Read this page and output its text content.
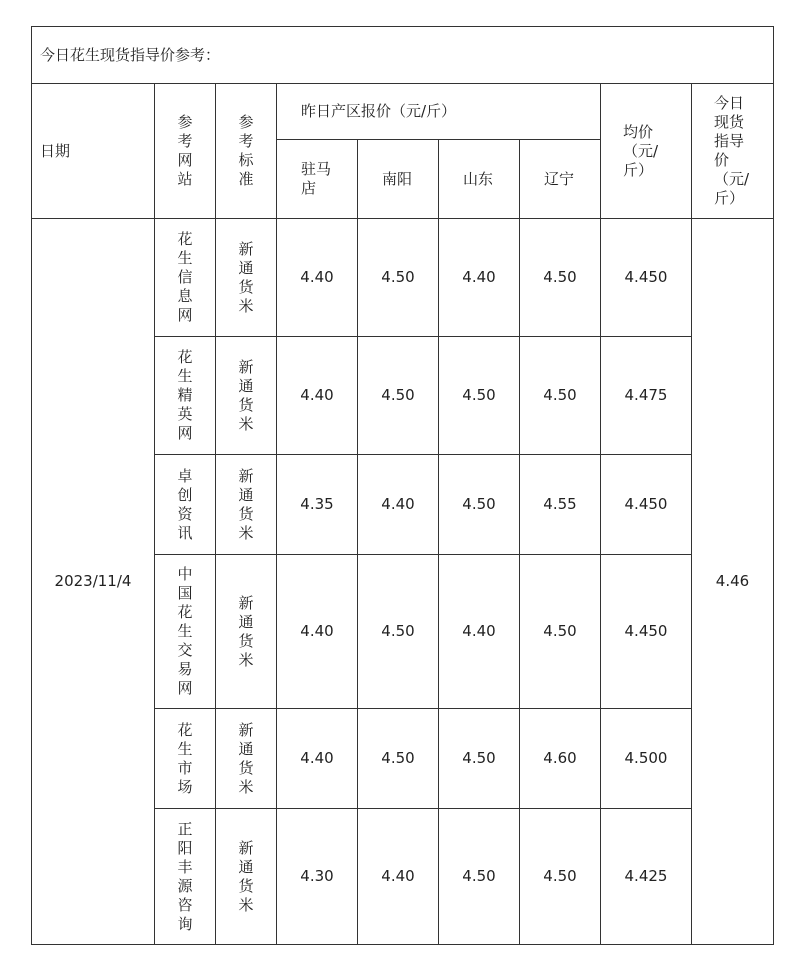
今日花生现货指导价参考：								
日期	参考网站	参考标准	昨日产区报价（元/斤）				均价（元/斤）	今日现货指导价（元/斤）
			驻马店	南阳	山东	辽宁		
2023/11/4	花生信息网	新通货米	4.40	4.50	4.40	4.50	4.450	4.46

	花生精英网	新通货米	4.40	4.50	4.50	4.50	4.475	

	卓创资讯	新通货米	4.35	4.40	4.50	4.55	4.450	

	中国花生交易网	新通货米	4.40	4.50	4.40	4.50	4.450	

	花生市场	新通货米	4.40	4.50	4.50	4.60	4.500	

	正阳丰源咨询	新通货米	4.30	4.40	4.50	4.50	4.425	
